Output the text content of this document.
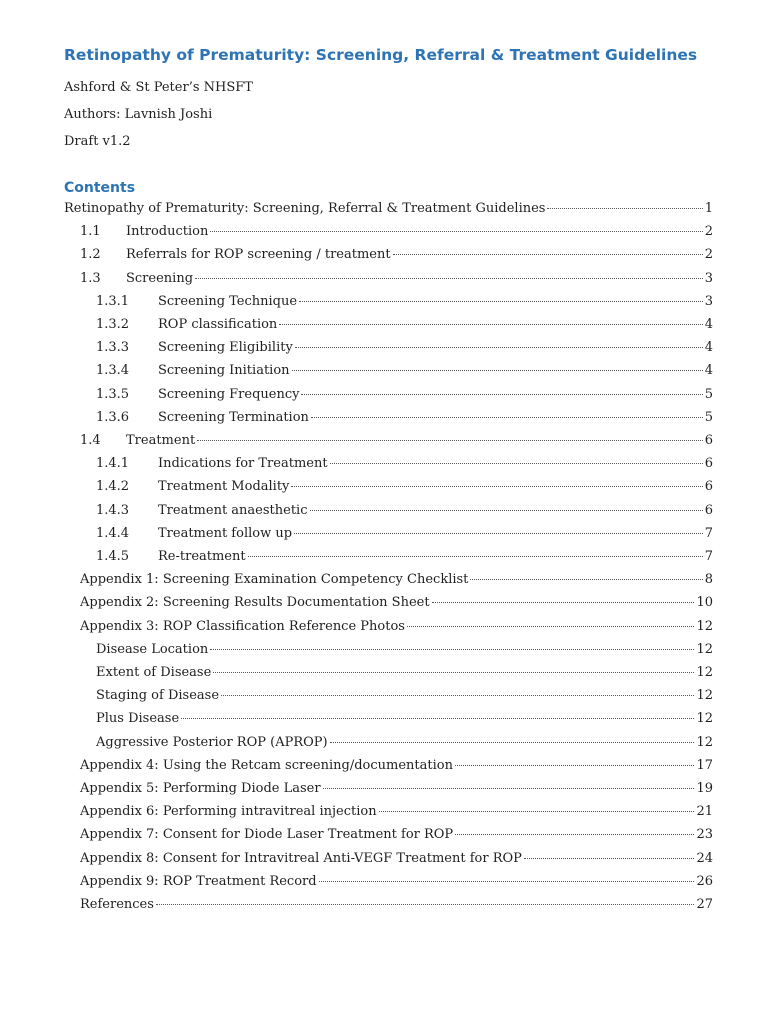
Retinopathy of Prematurity: Screening, Referral & Treatment Guidelines
Ashford & St Peter’s NHSFT
Authors: Lavnish Joshi
Draft v1.2
Contents
Retinopathy of Prematurity: Screening, Referral & Treatment Guidelines	1
1.1	Introduction	2
1.2	Referrals for ROP screening / treatment	2
1.3	Screening	3
1.3.1	Screening Technique	3
1.3.2	ROP classification	4
1.3.3	Screening Eligibility	4
1.3.4	Screening Initiation	4
1.3.5	Screening Frequency	5
1.3.6	Screening Termination	5
1.4	Treatment	6
1.4.1	Indications for Treatment	6
1.4.2	Treatment Modality	6
1.4.3	Treatment anaesthetic	6
1.4.4	Treatment follow up	7
1.4.5	Re-treatment	7
Appendix 1: Screening Examination Competency Checklist	8
Appendix 2: Screening Results Documentation Sheet	10
Appendix 3: ROP Classification Reference Photos	12
Disease Location	12
Extent of Disease	12
Staging of Disease	12
Plus Disease	12
Aggressive Posterior ROP (APROP)	12
Appendix 4: Using the Retcam screening/documentation	17
Appendix 5: Performing Diode Laser	19
Appendix 6: Performing intravitreal injection	21
Appendix 7: Consent for Diode Laser Treatment for ROP	23
Appendix 8: Consent for Intravitreal Anti-VEGF Treatment for ROP	24
Appendix 9: ROP Treatment Record	26
References	27
